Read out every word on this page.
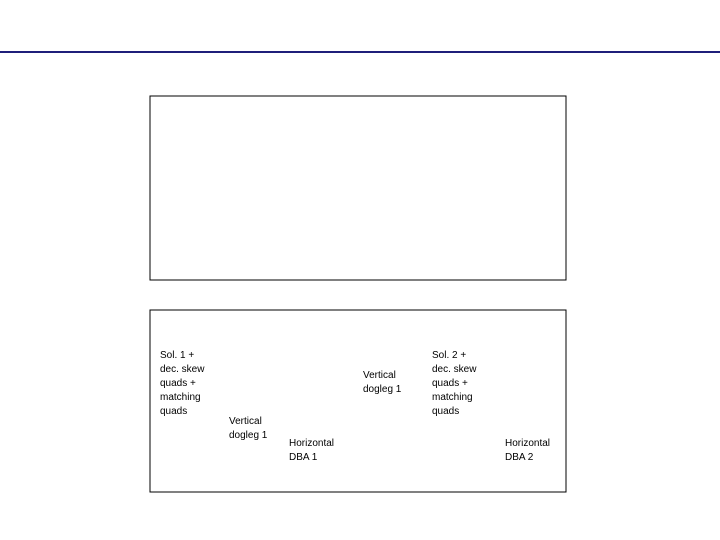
Sol. 1 + dec. skew quads + matching quads
Vertical dogleg 1
Horizontal DBA 1
Vertical dogleg 1
Sol. 2 + dec. skew quads + matching quads
Horizontal DBA 2
